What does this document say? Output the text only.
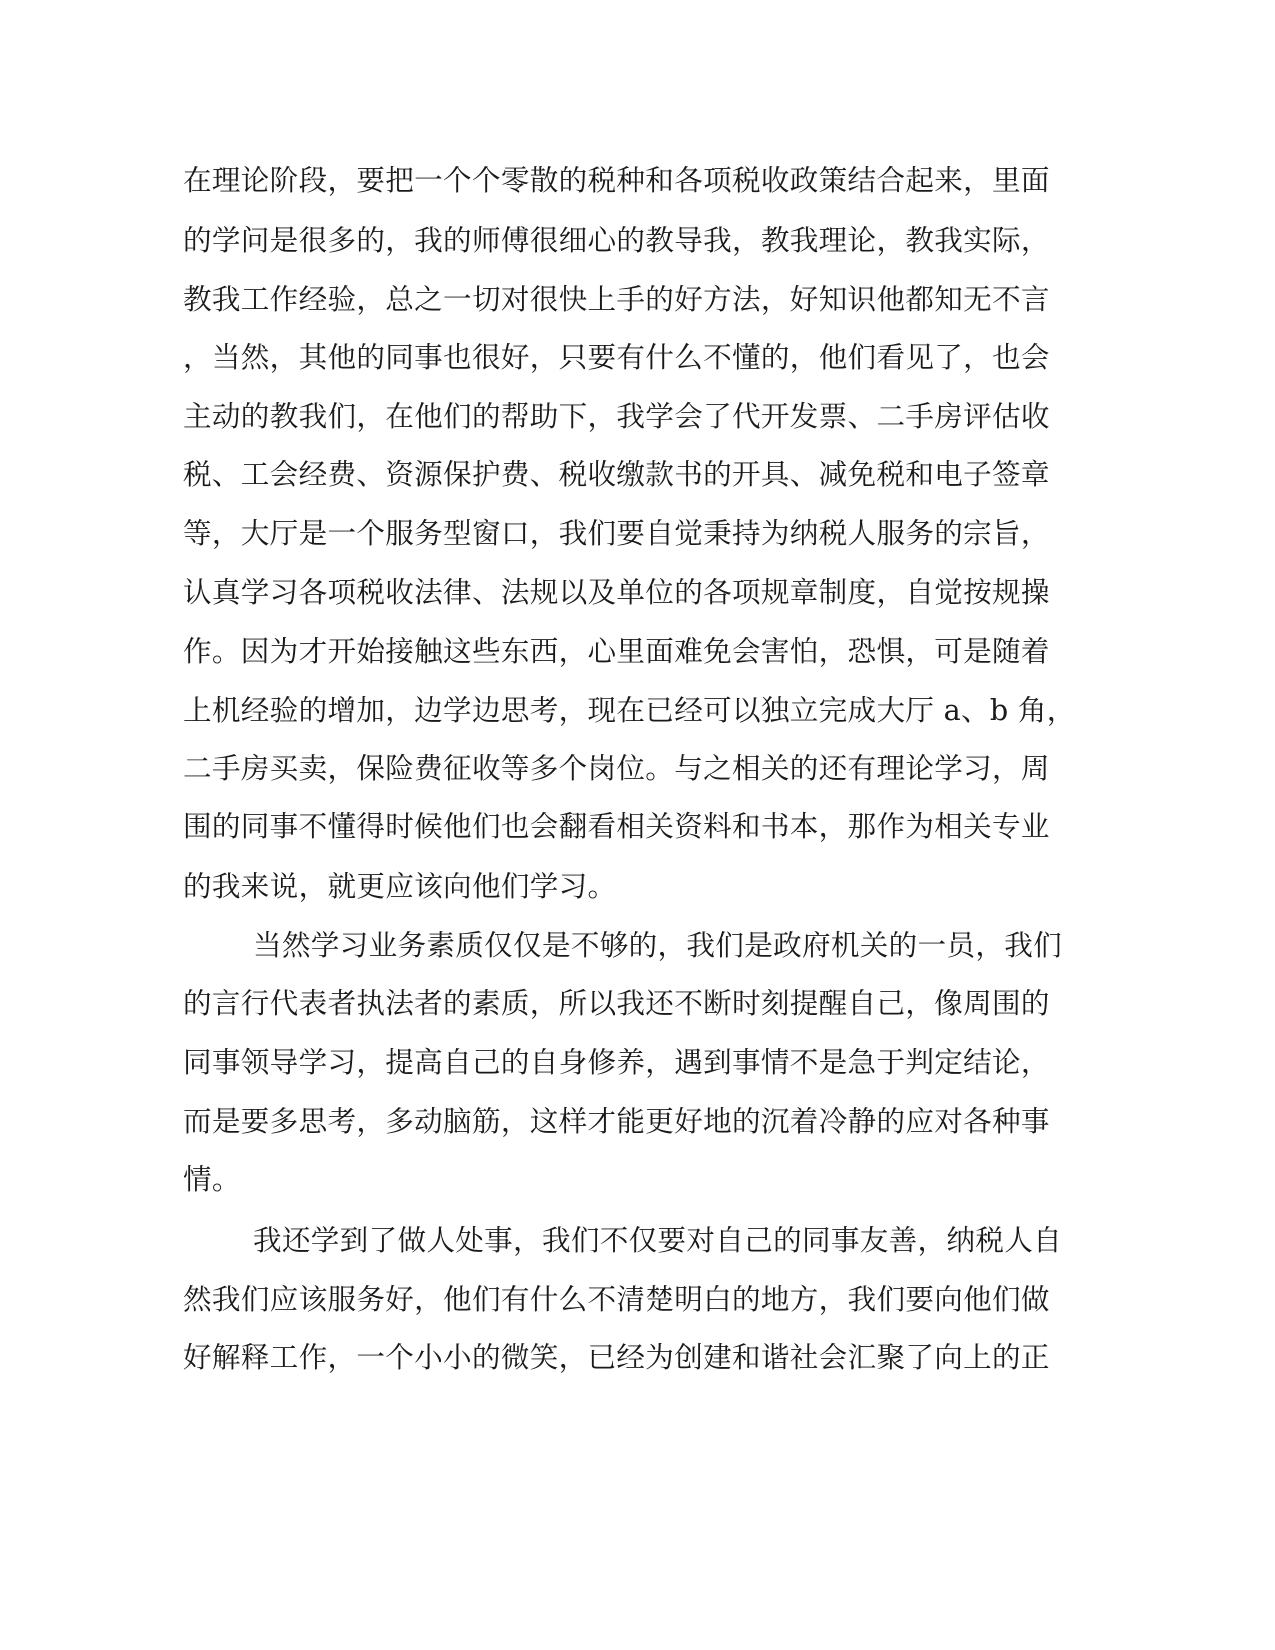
在理论阶段，要把一个个零散的税种和各项税收政策结合起来，里面
的学问是很多的，我的师傅很细心的教导我，教我理论，教我实际，
教我工作经验，总之一切对很快上手的好方法，好知识他都知无不言
，当然，其他的同事也很好，只要有什么不懂的，他们看见了，也会
主动的教我们，在他们的帮助下，我学会了代开发票、二手房评估收
税、工会经费、资源保护费、税收缴款书的开具、减免税和电子签章
等，大厅是一个服务型窗口，我们要自觉秉持为纳税人服务的宗旨，
认真学习各项税收法律、法规以及单位的各项规章制度，自觉按规操
作。因为才开始接触这些东西，心里面难免会害怕，恐惧，可是随着
上机经验的增加，边学边思考，现在已经可以独立完成大厅 a、b 角，
二手房买卖，保险费征收等多个岗位。与之相关的还有理论学习，周
围的同事不懂得时候他们也会翻看相关资料和书本，那作为相关专业
的我来说，就更应该向他们学习。
当然学习业务素质仅仅是不够的，我们是政府机关的一员，我们
的言行代表者执法者的素质，所以我还不断时刻提醒自己，像周围的
同事领导学习，提高自己的自身修养，遇到事情不是急于判定结论，
而是要多思考，多动脑筋，这样才能更好地的沉着冷静的应对各种事
情。
我还学到了做人处事，我们不仅要对自己的同事友善，纳税人自
然我们应该服务好，他们有什么不清楚明白的地方，我们要向他们做
好解释工作，一个小小的微笑，已经为创建和谐社会汇聚了向上的正
